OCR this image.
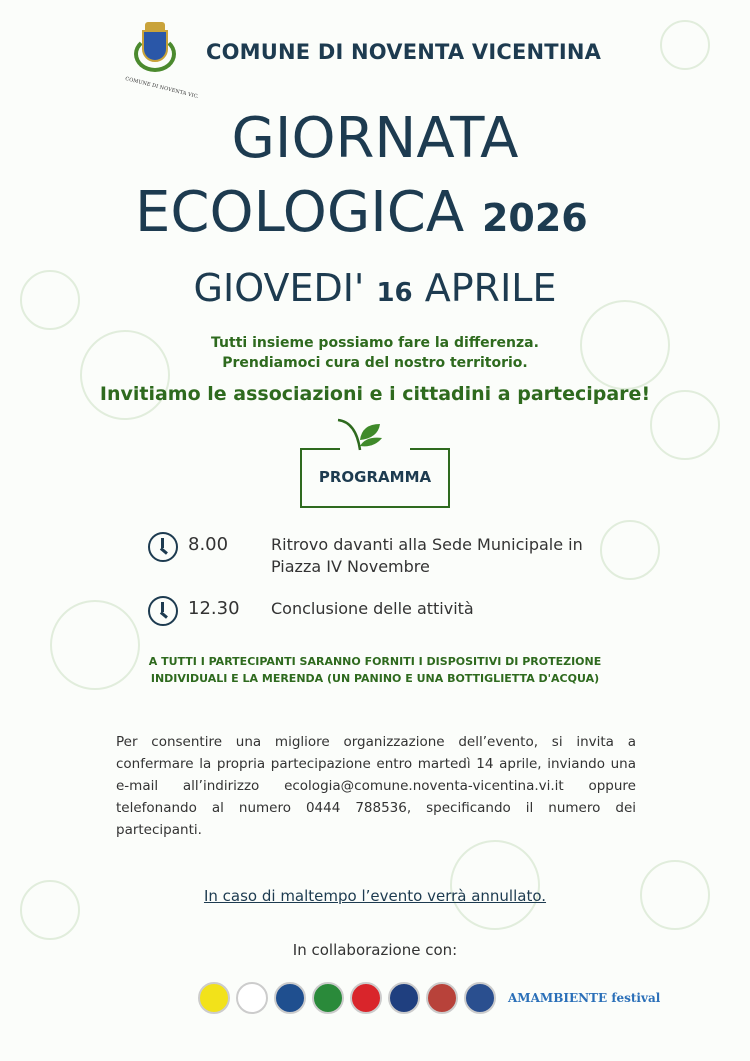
COMUNE DI NOVENTA VIC.
COMUNE DI NOVENTA VICENTINA
GIORNATA
ECOLOGICA 2026
GIOVEDI' 16 APRILE
Tutti insieme possiamo fare la differenza.
Prendiamoci cura del nostro territorio.
Invitiamo le associazioni e i cittadini a partecipare!
PROGRAMMA
8.00	Ritrovo davanti alla Sede Municipale in Piazza IV Novembre
12.30	Conclusione delle attività
A TUTTI I PARTECIPANTI SARANNO FORNITI I DISPOSITIVI DI PROTEZIONE
INDIVIDUALI E LA MERENDA (UN PANINO E UNA BOTTIGLIETTA D'ACQUA)
Per consentire una migliore organizzazione dell’evento, si invita a confermare la propria partecipazione entro martedì 14 aprile, inviando una e-mail all’indirizzo ecologia@comune.noventa-vicentina.vi.it oppure telefonando al numero 0444 788536, specificando il numero dei partecipanti.
In caso di maltempo l’evento verrà annullato.
In collaborazione con:
AMAMBIENTE festival
